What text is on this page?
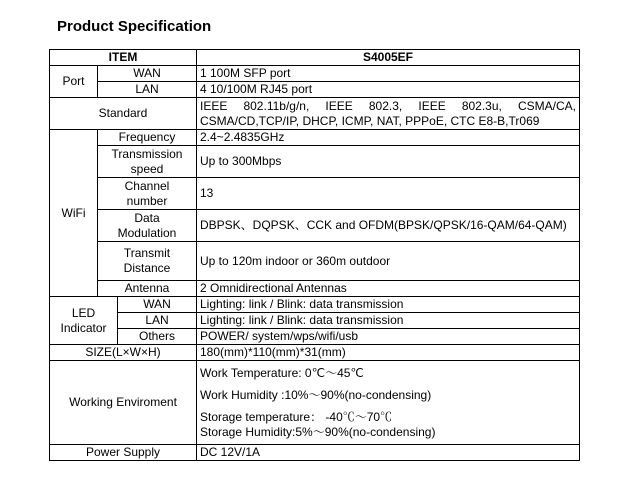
Product Specification
ITEM			S4005EF
Port	WAN		1 100M SFP port
	LAN		4 10/100M RJ45 port
Standard			IEEE 802.11b/g/n, IEEE 802.3, IEEE 802.3u, CSMA/CA,
CSMA/CD,TCP/IP, DHCP, ICMP, NAT, PPPoE, CTC E8-B,Tr069

WiFi	Frequency		2.4~2.4835GHz

	Transmission
speed		Up to 300Mbps

	Channel
number		13

	Data
Modulation		DBPSK、DQPSK、CCK and OFDM(BPSK/QPSK/16-QAM/64-QAM)

	Transmit
Distance		Up to 120m indoor or 360m outdoor
	Antenna		2 Omnidirectional Antennas

LED
Indicator		WAN	Lighting: link / Blink: data transmission
		LAN	Lighting: link / Blink: data transmission
		Others	POWER/ system/wps/wifi/usb
SIZE(L×W×H)			180(mm)*110(mm)*31(mm)
Working Enviroment			Work Temperature: 0℃～45℃
Work Humidity :10%～90%(no-condensing)
Storage temperature： -40℃～70℃
Storage Humidity:5%～90%(no-condensing)

Power Supply			DC 12V/1A
